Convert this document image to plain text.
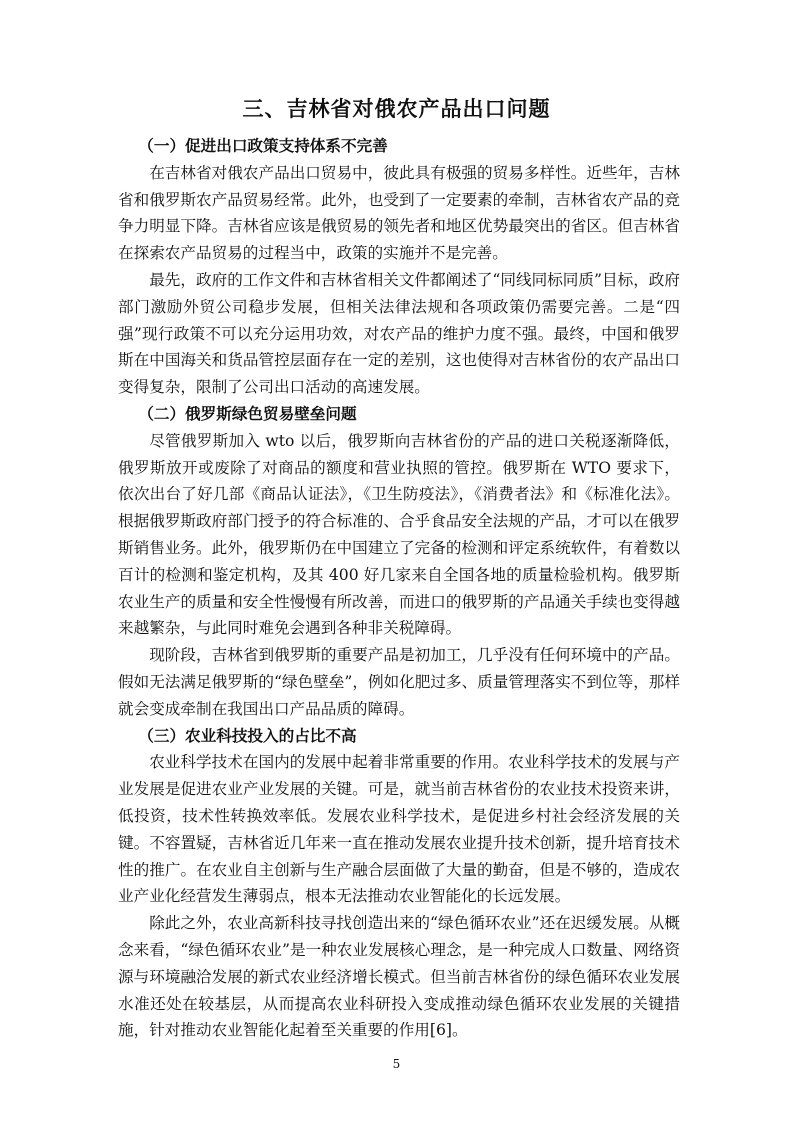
三、吉林省对俄农产品出口问题
（一）促进出口政策支持体系不完善

在吉林省对俄农产品出口贸易中，彼此具有极强的贸易多样性。近些年，吉林省和俄罗斯农产品贸易经常。此外，也受到了一定要素的牵制，吉林省农产品的竞争力明显下降。吉林省应该是俄贸易的领先者和地区优势最突出的省区。但吉林省在探索农产品贸易的过程当中，政策的实施并不是完善。

最先，政府的工作文件和吉林省相关文件都阐述了“同线同标同质”目标，政府部门激励外贸公司稳步发展，但相关法律法规和各项政策仍需要完善。二是“四强”现行政策不可以充分运用功效，对农产品的维护力度不强。最终，中国和俄罗斯在中国海关和货品管控层面存在一定的差别，这也使得对吉林省份的农产品出口变得复杂，限制了公司出口活动的高速发展。

（二）俄罗斯绿色贸易壁垒问题

尽管俄罗斯加入 wto 以后，俄罗斯向吉林省份的产品的进口关税逐渐降低，俄罗斯放开或废除了对商品的额度和营业执照的管控。俄罗斯在 WTO 要求下，依次出台了好几部《商品认证法》，《卫生防疫法》，《消费者法》和《标准化法》。根据俄罗斯政府部门授予的符合标准的、合乎食品安全法规的产品，才可以在俄罗斯销售业务。此外，俄罗斯仍在中国建立了完备的检测和评定系统软件，有着数以百计的检测和鉴定机构，及其 400 好几家来自全国各地的质量检验机构。俄罗斯农业生产的质量和安全性慢慢有所改善，而进口的俄罗斯的产品通关手续也变得越来越繁杂，与此同时难免会遇到各种非关税障碍。

现阶段，吉林省到俄罗斯的重要产品是初加工，几乎没有任何环境中的产品。假如无法满足俄罗斯的“绿色壁垒”，例如化肥过多、质量管理落实不到位等，那样就会变成牵制在我国出口产品品质的障碍。

（三）农业科技投入的占比不高

农业科学技术在国内的发展中起着非常重要的作用。农业科学技术的发展与产业发展是促进农业产业发展的关键。可是，就当前吉林省份的农业技术投资来讲，低投资，技术性转换效率低。发展农业科学技术，是促进乡村社会经济发展的关键。不容置疑，吉林省近几年来一直在推动发展农业提升技术创新，提升培育技术性的推广。在农业自主创新与生产融合层面做了大量的勤奋，但是不够的，造成农业产业化经营发生薄弱点，根本无法推动农业智能化的长远发展。

除此之外，农业高新科技寻找创造出来的“绿色循环农业”还在迟缓发展。从概念来看，“绿色循环农业”是一种农业发展核心理念，是一种完成人口数量、网络资源与环境融洽发展的新式农业经济增长模式。但当前吉林省份的绿色循环农业发展水准还处在较基层，从而提高农业科研投入变成推动绿色循环农业发展的关键措施，针对推动农业智能化起着至关重要的作用[6]。

5
